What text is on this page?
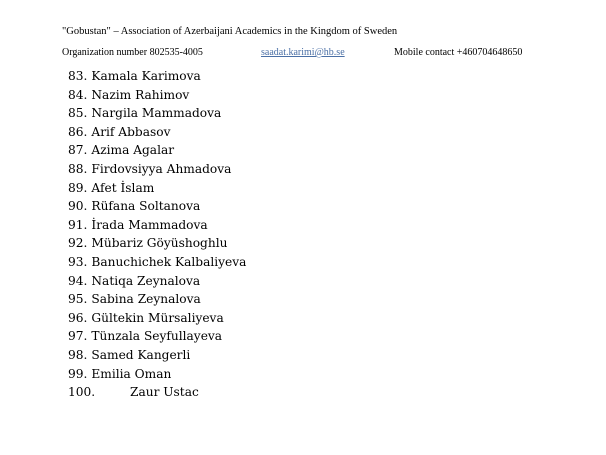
"Gobustan" – Association of Azerbaijani Academics in the Kingdom of Sweden
Organization number 802535-4005	saadat.karimi@hb.se	Mobile contact +460704648650
83. Kamala Karimova
84. Nazim Rahimov
85. Nargila Mammadova
86. Arif Abbasov
87. Azima Agalar
88. Firdovsiyya Ahmadova
89. Afet İslam
90. Rüfana Soltanova
91. İrada Mammadova
92. Mübariz Göyüshoghlu
93. Banuchichek Kalbaliyeva
94. Natiqa Zeynalova
95. Sabina Zeynalova
96. Gültekin Mürsaliyeva
97. Tünzala Seyfullayeva
98. Samed Kangerli
99. Emilia Oman
100.	Zaur Ustac
